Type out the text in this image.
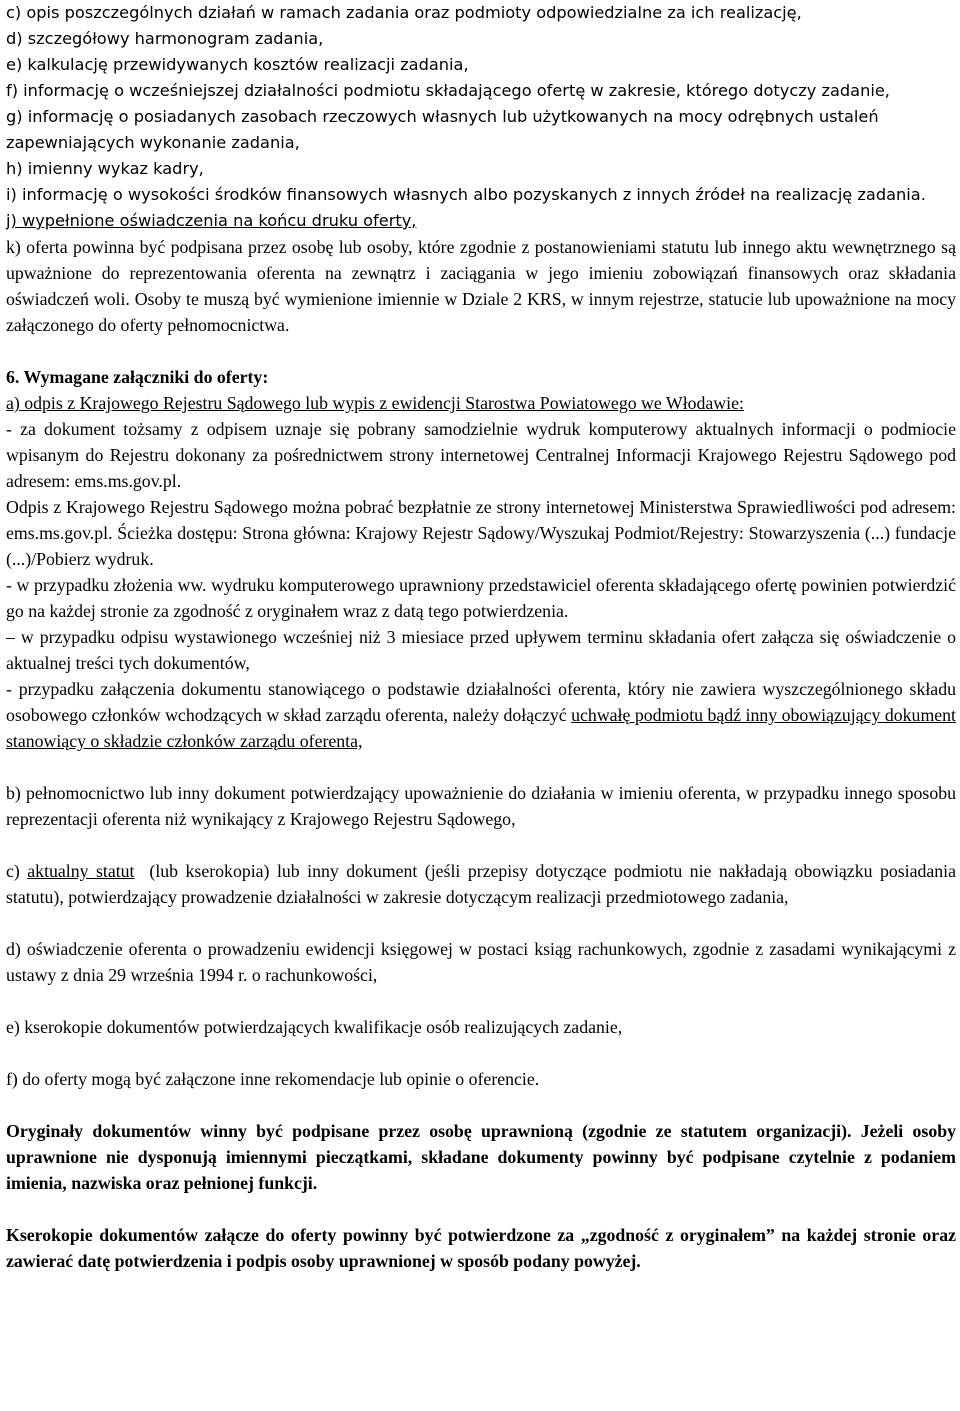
c) opis poszczególnych działań w ramach zadania oraz podmioty odpowiedzialne za ich realizację,

d) szczegółowy harmonogram zadania,

e) kalkulację przewidywanych kosztów realizacji zadania,

f) informację o wcześniejszej działalności podmiotu składającego ofertę w zakresie, którego dotyczy zadanie,

g) informację o posiadanych zasobach rzeczowych własnych lub użytkowanych na mocy odrębnych ustaleń zapewniających wykonanie zadania,

h) imienny wykaz kadry,

i) informację o wysokości środków finansowych własnych albo pozyskanych z innych źródeł na realizację zadania.

j) wypełnione oświadczenia na końcu druku oferty,

k) oferta powinna być podpisana przez osobę lub osoby, które zgodnie z postanowieniami statutu lub innego aktu wewnętrznego są upważnione do reprezentowania oferenta na zewnątrz i zaciągania w jego imieniu zobowiązań finansowych oraz składania oświadczeń woli. Osoby te muszą być wymienione imiennie w Dziale 2 KRS, w innym rejestrze, statucie lub upoważnione na mocy załączonego do oferty pełnomocnictwa.

6. Wymagane załączniki do oferty:

a) odpis z Krajowego Rejestru Sądowego lub wypis z ewidencji Starostwa Powiatowego we Włodawie:

- za dokument tożsamy z odpisem uznaje się pobrany samodzielnie wydruk komputerowy aktualnych informacji o podmiocie wpisanym do Rejestru dokonany za pośrednictwem strony internetowej Centralnej Informacji Krajowego Rejestru Sądowego pod adresem: ems.ms.gov.pl.

Odpis z Krajowego Rejestru Sądowego można pobrać bezpłatnie ze strony internetowej Ministerstwa Sprawiedliwości pod adresem: ems.ms.gov.pl. Ścieżka dostępu: Strona główna: Krajowy Rejestr Sądowy/Wyszukaj Podmiot/Rejestry: Stowarzyszenia (...) fundacje (...)/Pobierz wydruk.

- w przypadku złożenia ww. wydruku komputerowego uprawniony przedstawiciel oferenta składającego ofertę powinien potwierdzić go na każdej stronie za zgodność z oryginałem wraz z datą tego potwierdzenia.

– w przypadku odpisu wystawionego wcześniej niż 3 miesiace przed upływem terminu składania ofert załącza się oświadczenie o aktualnej treści tych dokumentów,

- przypadku załączenia dokumentu stanowiącego o podstawie działalności oferenta, który nie zawiera wyszczególnionego składu osobowego członków wchodzących w skład zarządu oferenta, należy dołączyć uchwałę podmiotu bądź inny obowiązujący dokument stanowiący o składzie członków zarządu oferenta,

b) pełnomocnictwo lub inny dokument potwierdzający upoważnienie do działania w imieniu oferenta, w przypadku innego sposobu reprezentacji oferenta niż wynikający z Krajowego Rejestru Sądowego,

c) aktualny statut  (lub kserokopia) lub inny dokument (jeśli przepisy dotyczące podmiotu nie nakładają obowiązku posiadania statutu), potwierdzający prowadzenie działalności w zakresie dotyczącym realizacji przedmiotowego zadania,

d) oświadczenie oferenta o prowadzeniu ewidencji księgowej w postaci ksiąg rachunkowych, zgodnie z zasadami wynikającymi z ustawy z dnia 29 września 1994 r. o rachunkowości,

e) kserokopie dokumentów potwierdzających kwalifikacje osób realizujących zadanie,

f) do oferty mogą być załączone inne rekomendacje lub opinie o oferencie.

Oryginały dokumentów winny być podpisane przez osobę uprawnioną (zgodnie ze statutem organizacji). Jeżeli osoby uprawnione nie dysponują imiennymi pieczątkami, składane dokumenty powinny być podpisane czytelnie z podaniem imienia, nazwiska oraz pełnionej funkcji.

Kserokopie dokumentów załącze do oferty powinny być potwierdzone za „zgodność z oryginałem” na każdej stronie oraz zawierać datę potwierdzenia i podpis osoby uprawnionej w sposób podany powyżej.
